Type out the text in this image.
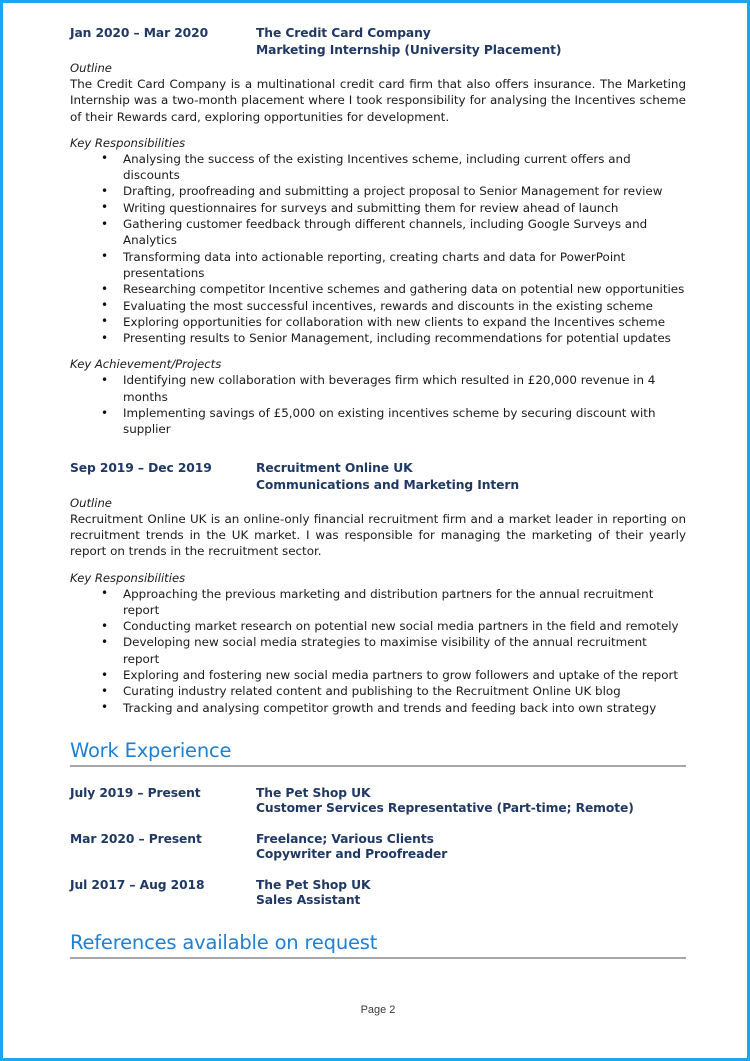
Jan 2020 – Mar 2020	The Credit Card Company
Marketing Internship (University Placement)
Outline

The Credit Card Company is a multinational credit card firm that also offers insurance. The Marketing Internship was a two-month placement where I took responsibility for analysing the Incentives scheme of their Rewards card, exploring opportunities for development.

Key Responsibilities
• Analysing the success of the existing Incentives scheme, including current offers and discounts
• Drafting, proofreading and submitting a project proposal to Senior Management for review
• Writing questionnaires for surveys and submitting them for review ahead of launch
• Gathering customer feedback through different channels, including Google Surveys and Analytics
• Transforming data into actionable reporting, creating charts and data for PowerPoint presentations
• Researching competitor Incentive schemes and gathering data on potential new opportunities
• Evaluating the most successful incentives, rewards and discounts in the existing scheme
• Exploring opportunities for collaboration with new clients to expand the Incentives scheme
• Presenting results to Senior Management, including recommendations for potential updates
Key Achievement/Projects
• Identifying new collaboration with beverages firm which resulted in £20,000 revenue in 4 months
• Implementing savings of £5,000 on existing incentives scheme by securing discount with supplier
Sep 2019 – Dec 2019	Recruitment Online UK
Communications and Marketing Intern
Outline

Recruitment Online UK is an online-only financial recruitment firm and a market leader in reporting on recruitment trends in the UK market. I was responsible for managing the marketing of their yearly report on trends in the recruitment sector.

Key Responsibilities
• Approaching the previous marketing and distribution partners for the annual recruitment report
• Conducting market research on potential new social media partners in the field and remotely
• Developing new social media strategies to maximise visibility of the annual recruitment report
• Exploring and fostering new social media partners to grow followers and uptake of the report
• Curating industry related content and publishing to the Recruitment Online UK blog
• Tracking and analysing competitor growth and trends and feeding back into own strategy
Work Experience
July 2019 – Present	The Pet Shop UK
Customer Services Representative (Part-time; Remote)
Mar 2020 – Present	Freelance; Various Clients
Copywriter and Proofreader
Jul 2017 – Aug 2018	The Pet Shop UK
Sales Assistant
References available on request
Page 2
